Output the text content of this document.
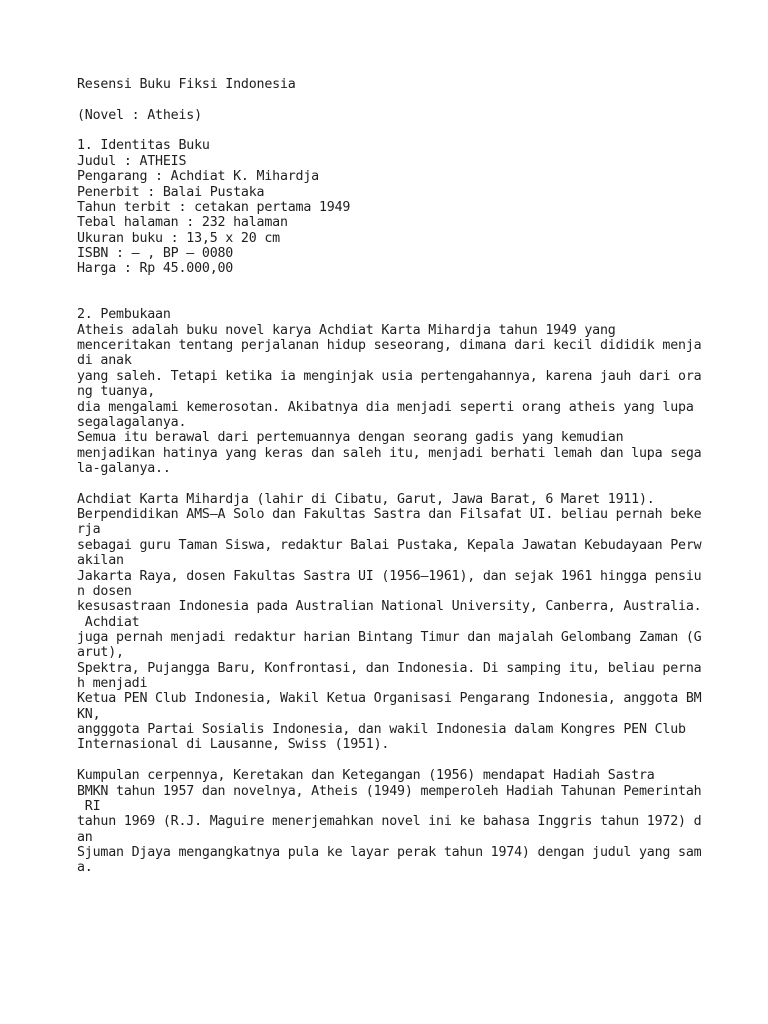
Resensi Buku Fiksi Indonesia
(Novel : Atheis)
1. Identitas Buku
Judul : ATHEIS
Pengarang : Achdiat K. Mihardja
Penerbit : Balai Pustaka
Tahun terbit : cetakan pertama 1949
Tebal halaman : 232 halaman
Ukuran buku : 13,5 x 20 cm
ISBN : – , BP – 0080
Harga : Rp 45.000,00
2. Pembukaan
Atheis adalah buku novel karya Achdiat Karta Mihardja tahun 1949 yang
menceritakan tentang perjalanan hidup seseorang, dimana dari kecil dididik menja
di anak
yang saleh. Tetapi ketika ia menginjak usia pertengahannya, karena jauh dari ora
ng tuanya,
dia mengalami kemerosotan. Akibatnya dia menjadi seperti orang atheis yang lupa
segalagalanya.
Semua itu berawal dari pertemuannya dengan seorang gadis yang kemudian
menjadikan hatinya yang keras dan saleh itu, menjadi berhati lemah dan lupa sega
la-galanya..
Achdiat Karta Mihardja (lahir di Cibatu, Garut, Jawa Barat, 6 Maret 1911).
Berpendidikan AMS–A Solo dan Fakultas Sastra dan Filsafat UI. beliau pernah beke
rja
sebagai guru Taman Siswa, redaktur Balai Pustaka, Kepala Jawatan Kebudayaan Perw
akilan
Jakarta Raya, dosen Fakultas Sastra UI (1956–1961), dan sejak 1961 hingga pensiu
n dosen
kesusastraan Indonesia pada Australian National University, Canberra, Australia.
Achdiat
juga pernah menjadi redaktur harian Bintang Timur dan majalah Gelombang Zaman (G
arut),
Spektra, Pujangga Baru, Konfrontasi, dan Indonesia. Di samping itu, beliau perna
h menjadi
Ketua PEN Club Indonesia, Wakil Ketua Organisasi Pengarang Indonesia, anggota BM
KN,
angggota Partai Sosialis Indonesia, dan wakil Indonesia dalam Kongres PEN Club
Internasional di Lausanne, Swiss (1951).
Kumpulan cerpennya, Keretakan dan Ketegangan (1956) mendapat Hadiah Sastra
BMKN tahun 1957 dan novelnya, Atheis (1949) memperoleh Hadiah Tahunan Pemerintah
RI
tahun 1969 (R.J. Maguire menerjemahkan novel ini ke bahasa Inggris tahun 1972) d
an
Sjuman Djaya mengangkatnya pula ke layar perak tahun 1974) dengan judul yang sam
a.
